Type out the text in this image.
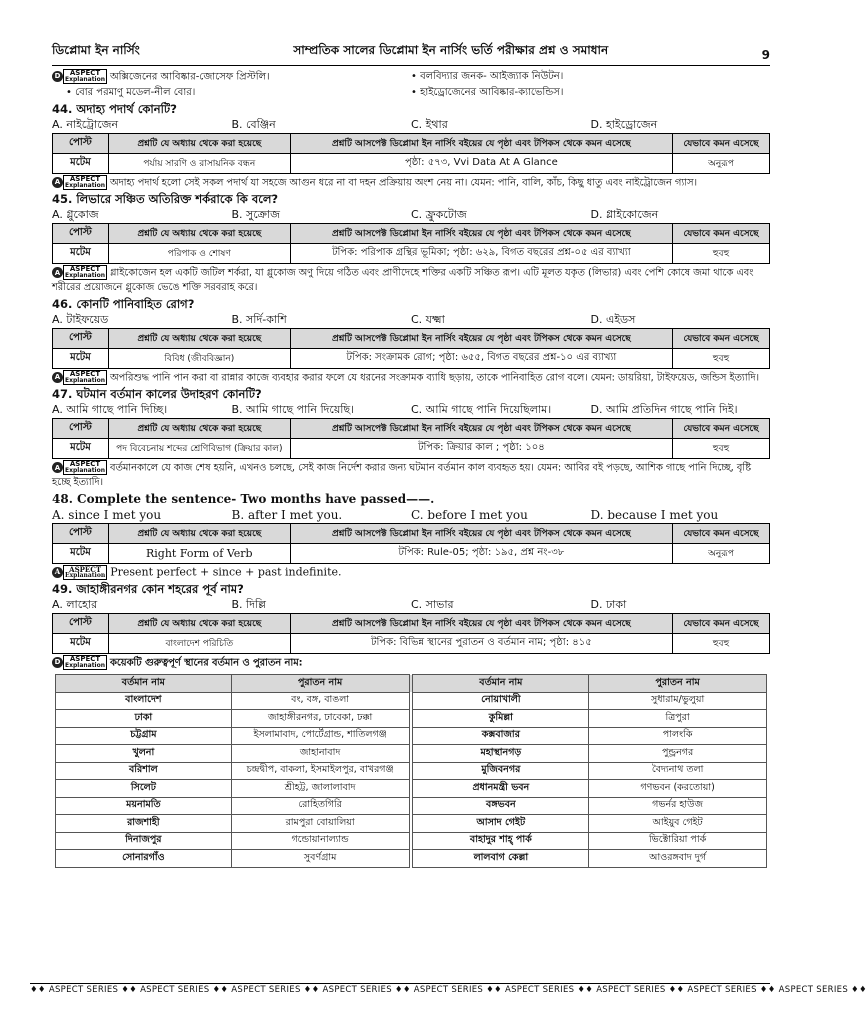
ডিপ্লোমা ইন নার্সিং	সাম্প্রতিক সালের ডিপ্লোমা ইন নার্সিং ভর্তি পরীক্ষার প্রশ্ন ও সমাধান	9
D	ASPECT
Explanation অক্সিজেনের আবিষ্কার-জোসেফ প্রিস্টলি।	• বলবিদ্যার জনক- আইজ্যাক নিউটন।
• বোর পরমাণু মডেল-নীল বোর।	• হাইড্রোজেনের আবিষ্কার-ক্যাভেন্ডিস।
44. অদাহ্য পদার্থ কোনটি?
A. নাইট্রোজেন	B. বেঞ্জিন	C. ইথার	D. হাইড্রোজেন
পোস্ট	প্রশ্নটি যে অধ্যায় থেকে করা হয়েছে	প্রশ্নটি আসপেক্ট ডিপ্লোমা ইন নার্সিং বইয়ের যে পৃষ্ঠা এবং টপিকস থেকে কমন এসেছে	যেভাবে কমন এসেছে
মটেম	পর্যায় সারণি ও রাসায়নিক বন্ধন	পৃষ্ঠা: ৫৭৩, Vvi Data At A Glance	অনুরূপ
A	ASPECT
Explanation অদাহ্য পদার্থ হলো সেই সকল পদার্থ যা সহজে আগুন ধরে না বা দহন প্রক্রিয়ায় অংশ নেয় না। যেমন: পানি, বালি, কাঁচ, কিছু ধাতু এবং নাইট্রোজেন গ্যাস।
45. লিভারে সঞ্চিত অতিরিক্ত শর্করাকে কি বলে?
A. গ্লুকোজ	B. সুক্রোজ	C. ফ্রুকটোজ	D. গ্লাইকোজেন
পোস্ট	প্রশ্নটি যে অধ্যায় থেকে করা হয়েছে	প্রশ্নটি আসপেক্ট ডিপ্লোমা ইন নার্সিং বইয়ের যে পৃষ্ঠা এবং টপিকস থেকে কমন এসেছে	যেভাবে কমন এসেছে
মটেম	পরিপাক ও শোষণ	টপিক: পরিপাক গ্রন্থির ভূমিকা; পৃষ্ঠা: ৬২৯, বিগত বছরের প্রশ্ন-০৫ এর ব্যাখ্যা	হুবহু
A	ASPECT
Explanation গ্লাইকোজেন হল একটি জটিল শর্করা, যা গ্লুকোজ অণু দিয়ে গঠিত এবং প্রাণীদেহে শক্তির একটি সঞ্চিত রূপ। এটি মূলত যকৃত (লিভার) এবং পেশি কোষে জমা থাকে এবং শরীরের প্রয়োজনে গ্লুকোজ ভেঙে শক্তি সরবরাহ করে।
46. কোনটি পানিবাহিত রোগ?
A. টাইফয়েড	B. সর্দি-কাশি	C. যক্ষ্মা	D. এইডস
পোস্ট	প্রশ্নটি যে অধ্যায় থেকে করা হয়েছে	প্রশ্নটি আসপেক্ট ডিপ্লোমা ইন নার্সিং বইয়ের যে পৃষ্ঠা এবং টপিকস থেকে কমন এসেছে	যেভাবে কমন এসেছে
মটেম	বিবিধ (জীববিজ্ঞান)	টপিক: সংক্রামক রোগ; পৃষ্ঠা: ৬৫৫, বিগত বছরের প্রশ্ন-১০ এর ব্যাখ্যা	হুবহু
A	ASPECT
Explanation অপরিশুদ্ধ পানি পান করা বা রান্নার কাজে ব্যবহার করার ফলে যে ধরনের সংক্রামক ব্যাধি ছড়ায়, তাকে পানিবাহিত রোগ বলে। যেমন: ডায়রিয়া, টাইফয়েড, জন্ডিস ইত্যাদি।
47. ঘটমান বর্তমান কালের উদাহরণ কোনটি?
A. আমি গাছে পানি দিচ্ছি।	B. আমি গাছে পানি দিয়েছি।	C. আমি গাছে পানি দিয়েছিলাম।	D. আমি প্রতিদিন গাছে পানি দিই।
পোস্ট	প্রশ্নটি যে অধ্যায় থেকে করা হয়েছে	প্রশ্নটি আসপেক্ট ডিপ্লোমা ইন নার্সিং বইয়ের যে পৃষ্ঠা এবং টপিকস থেকে কমন এসেছে	যেভাবে কমন এসেছে
মটেম	পদ বিবেচনায় শব্দের শ্রেণিবিভাগ (ক্রিয়ার কাল)	টপিক: ক্রিয়ার কাল ; পৃষ্ঠা: ১০৪	হুবহু
A	ASPECT
Explanation বর্তমানকালে যে কাজ শেষ হয়নি, এখনও চলছে, সেই কাজ নির্দেশ করার জন্য ঘটমান বর্তমান কাল ব্যবহৃত হয়। যেমন: আবির বই পড়ছে, আশিক গাছে পানি দিচ্ছে, বৃষ্টি হচ্ছে ইত্যাদি।
48. Complete the sentence- Two months have passed——.
A. since I met you	B. after I met you.	C. before I met you	D. because I met you
পোস্ট	প্রশ্নটি যে অধ্যায় থেকে করা হয়েছে	প্রশ্নটি আসপেক্ট ডিপ্লোমা ইন নার্সিং বইয়ের যে পৃষ্ঠা এবং টপিকস থেকে কমন এসেছে	যেভাবে কমন এসেছে
মটেম	Right Form of Verb	টপিক: Rule-05; পৃষ্ঠা: ১৯৫, প্রশ্ন নং-৩৮	অনুরূপ
A	ASPECT
Explanation Present perfect + since + past indefinite.
49. জাহাঙ্গীরনগর কোন শহরের পূর্ব নাম?
A. লাহোর	B. দিল্লি	C. সাভার	D. ঢাকা
পোস্ট	প্রশ্নটি যে অধ্যায় থেকে করা হয়েছে	প্রশ্নটি আসপেক্ট ডিপ্লোমা ইন নার্সিং বইয়ের যে পৃষ্ঠা এবং টপিকস থেকে কমন এসেছে	যেভাবে কমন এসেছে
মটেম	বাংলাদেশ পরিচিতি	টপিক: বিভিন্ন স্থানের পুরাতন ও বর্তমান নাম; পৃষ্ঠা: ৪১৫	হুবহু
D	ASPECT
Explanation কয়েকটি গুরুত্বপূর্ণ স্থানের বর্তমান ও পুরাতন নাম:
বর্তমান নাম	পুরাতন নাম		বর্তমান নাম	পুরাতন নাম
বাংলাদেশ	বং, বঙ্গ, বাঙলা		নোয়াখালী	সুধারাম/ভুলুয়া
ঢাকা	জাহাঙ্গীরনগর, ঢাবেকা, ঢক্কা		কুমিল্লা	ত্রিপুরা
চট্টগ্রাম	ইসলামাবাদ, পোর্টেগ্রান্ড, শাতিলগঞ্জ		কক্সবাজার	পালংকি
খুলনা	জাহানাবাদ		মহাস্থানগড়	পুন্ড্রনগর
বরিশাল	চন্দ্রদ্বীপ, বাকলা, ইসমাইলপুর, বাখরগঞ্জ		মুজিবনগর	বৈদ্যনাথ তলা
সিলেট	শ্রীহট্ট, জালালাবাদ		প্রধানমন্ত্রী ভবন	গণভবন (করতোয়া)
ময়নামতি	রোহিতগিরি		বঙ্গভবন	গভর্নর হাউজ
রাজশাহী	রামপুরা বোয়ালিয়া		আসাদ গেইট	আইয়ুব গেইট
দিনাজপুর	গন্ডোয়ানাল্যান্ড		বাহাদুর শাহ্ পার্ক	ভিক্টোরিয়া পার্ক
সোনারগাঁও	সুবর্ণগ্রাম		লালবাগ কেল্লা	আওরঙ্গবাদ দুর্গ
♦♦ ASPECT SERIES ♦♦ ASPECT SERIES ♦♦ ASPECT SERIES ♦♦ ASPECT SERIES ♦♦ ASPECT SERIES ♦♦ ASPECT SERIES ♦♦ ASPECT SERIES ♦♦ ASPECT SERIES ♦♦ ASPECT SERIES ♦♦
